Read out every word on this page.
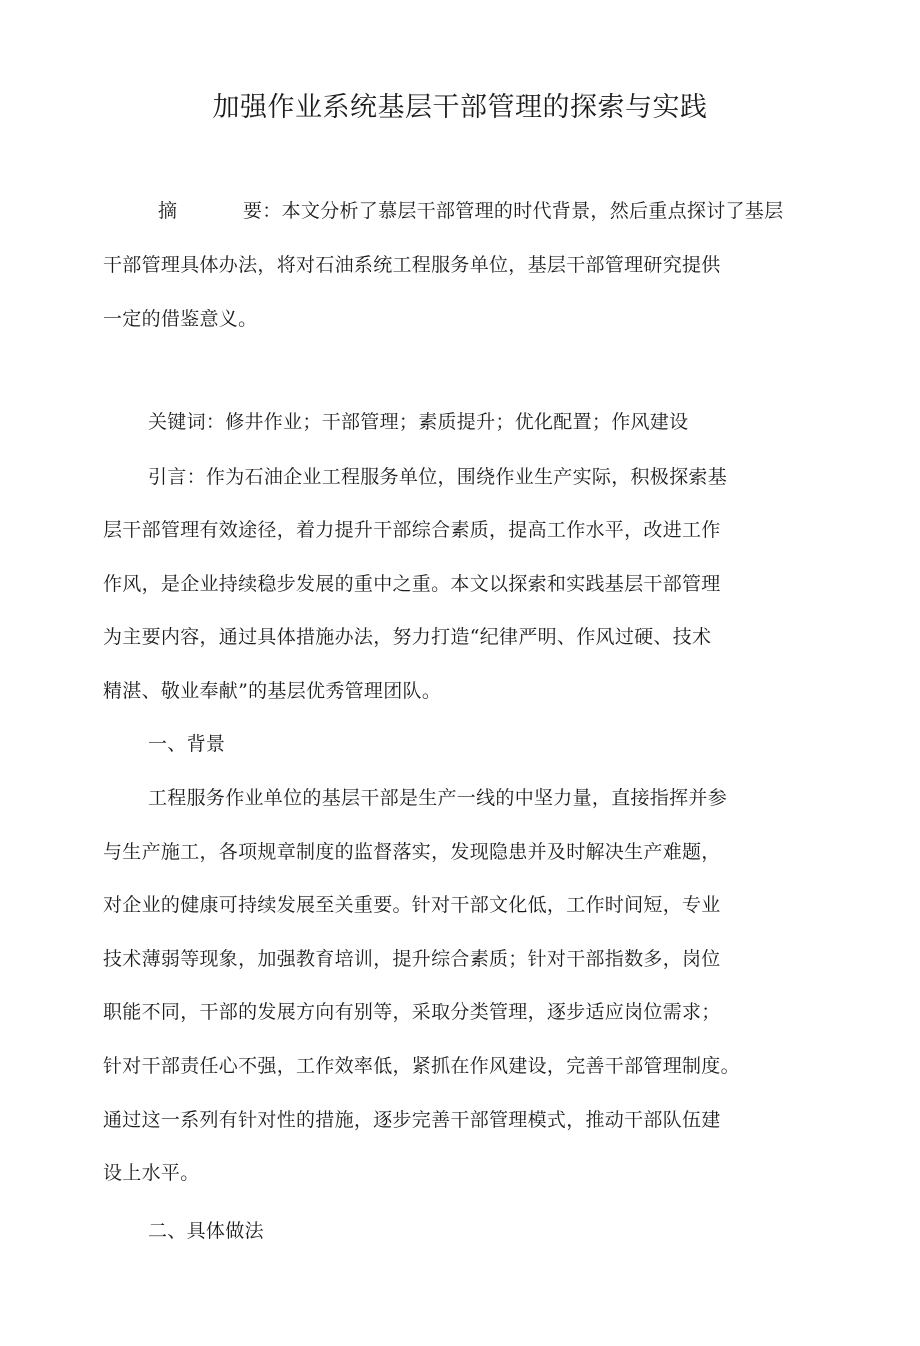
加强作业系统基层干部管理的探索与实践
摘	要：本文分析了慕层干部管理的时代背景，然后重点探讨了基层
干部管理具体办法，将对石油系统工程服务单位，基层干部管理研究提供
一定的借鉴意义。
关键词：修井作业；干部管理；素质提升；优化配置；作风建设
引言：作为石油企业工程服务单位，围绕作业生产实际，积极探索基
层干部管理有效途径，着力提升干部综合素质，提高工作水平，改进工作
作风，是企业持续稳步发展的重中之重。本文以探索和实践基层干部管理
为主要内容，通过具体措施办法，努力打造“纪律严明、作风过硬、技术
精湛、敬业奉献”的基层优秀管理团队。
一、背景
工程服务作业单位的基层干部是生产一线的中坚力量，直接指挥并参
与生产施工，各项规章制度的监督落实，发现隐患并及时解决生产难题，
对企业的健康可持续发展至关重要。针对干部文化低，工作时间短，专业
技术薄弱等现象，加强教育培训，提升综合素质；针对干部指数多，岗位
职能不同，干部的发展方向有别等，采取分类管理，逐步适应岗位需求；
针对干部责任心不强，工作效率低，紧抓在作风建设，完善干部管理制度。
通过这一系列有针对性的措施，逐步完善干部管理模式，推动干部队伍建
设上水平。
二、具体做法
